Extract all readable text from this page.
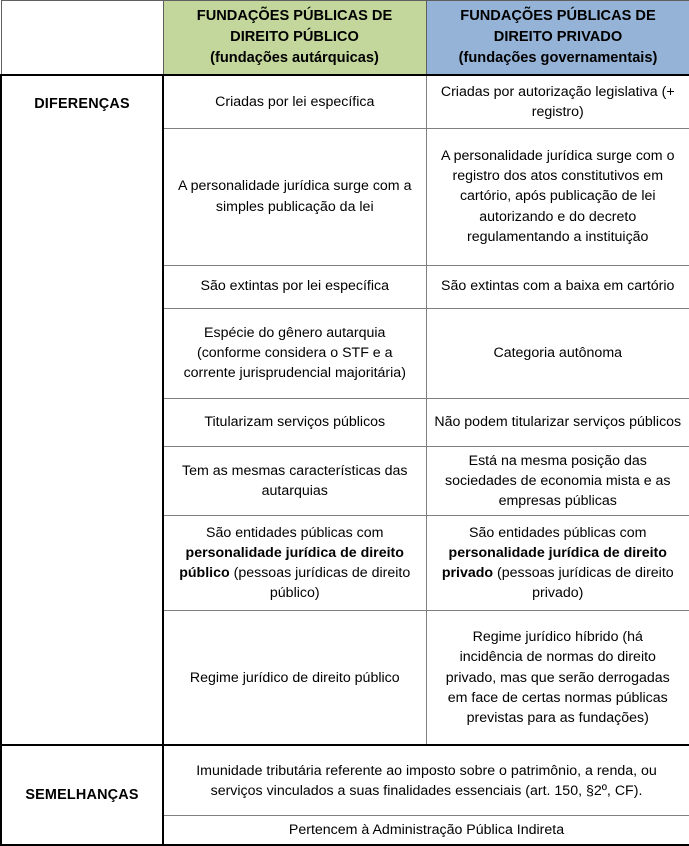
	FUNDAÇÕES PÚBLICAS DE
DIREITO PÚBLICO
(fundações autárquicas)	FUNDAÇÕES PÚBLICAS DE
DIREITO PRIVADO
(fundações governamentais)
DIFERENÇAS	Criadas por lei específica	Criadas por autorização legislativa (+ registro)
	A personalidade jurídica surge com a simples publicação da lei	A personalidade jurídica surge com o registro dos atos constitutivos em cartório, após publicação de lei autorizando e do decreto regulamentando a instituição
	São extintas por lei específica	São extintas com a baixa em cartório
	Espécie do gênero autarquia (conforme considera o STF e a corrente jurisprudencial majoritária)	Categoria autônoma
	Titularizam serviços públicos	Não podem titularizar serviços públicos
	Tem as mesmas características das autarquias	Está na mesma posição das sociedades de economia mista e as empresas públicas
	São entidades públicas com personalidade jurídica de direito público (pessoas jurídicas de direito público)	São entidades públicas com personalidade jurídica de direito privado (pessoas jurídicas de direito privado)
	Regime jurídico de direito público	Regime jurídico híbrido (há incidência de normas do direito privado, mas que serão derrogadas em face de certas normas públicas previstas para as fundações)
SEMELHANÇAS	Imunidade tributária referente ao imposto sobre o patrimônio, a renda, ou serviços vinculados a suas finalidades essenciais (art. 150, §2º, CF).	
	Pertencem à Administração Pública Indireta	
